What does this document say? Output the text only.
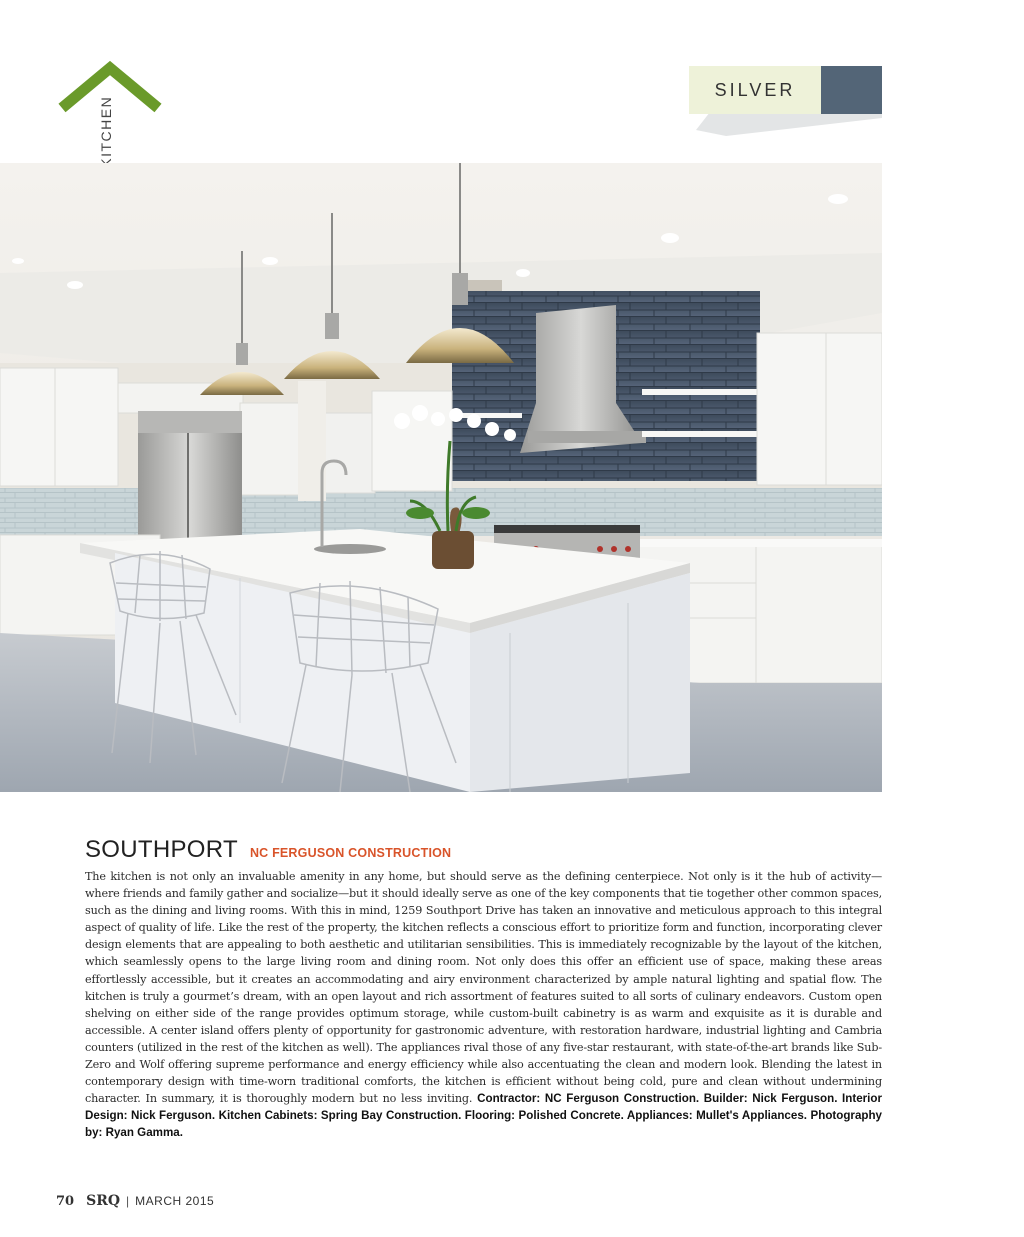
SILVER
SOUTHPORT NC FERGUSON CONSTRUCTION

The kitchen is not only an invaluable amenity in any home, but should serve as the defining centerpiece. Not only is it the hub of activity—where friends and family gather and socialize—but it should ideally serve as one of the key components that tie together other common spaces, such as the dining and living rooms. With this in mind, 1259 Southport Drive has taken an innovative and meticulous approach to this integral aspect of quality of life. Like the rest of the property, the kitchen reflects a conscious effort to prioritize form and function, incorporating clever design elements that are appealing to both aesthetic and utilitarian sensibilities. This is immediately recognizable by the layout of the kitchen, which seamlessly opens to the large living room and dining room. Not only does this offer an efficient use of space, making these areas effortlessly accessible, but it creates an accommodating and airy environment characterized by ample natural lighting and spatial flow. The kitchen is truly a gourmet’s dream, with an open layout and rich assortment of features suited to all sorts of culinary endeavors. Custom open shelving on either side of the range provides optimum storage, while custom-built cabinetry is as warm and exquisite as it is durable and accessible. A center island offers plenty of opportunity for gastronomic adventure, with restoration hardware, industrial lighting and Cambria counters (utilized in the rest of the kitchen as well). The appliances rival those of any five-star restaurant, with state-of-the-art brands like Sub-Zero and Wolf offering supreme performance and energy efficiency while also accentuating the clean and modern look. Blending the latest in contemporary design with time-worn traditional comforts, the kitchen is efficient without being cold, pure and clean without undermining character. In summary, it is thoroughly modern but no less inviting. Contractor: NC Ferguson Construction. Builder: Nick Ferguson. Interior Design: Nick Ferguson. Kitchen Cabinets: Spring Bay Construction. Flooring: Polished Concrete. Appliances: Mullet's Appliances. Photography by: Ryan Gamma.

70 SRQ | MARCH 2015
